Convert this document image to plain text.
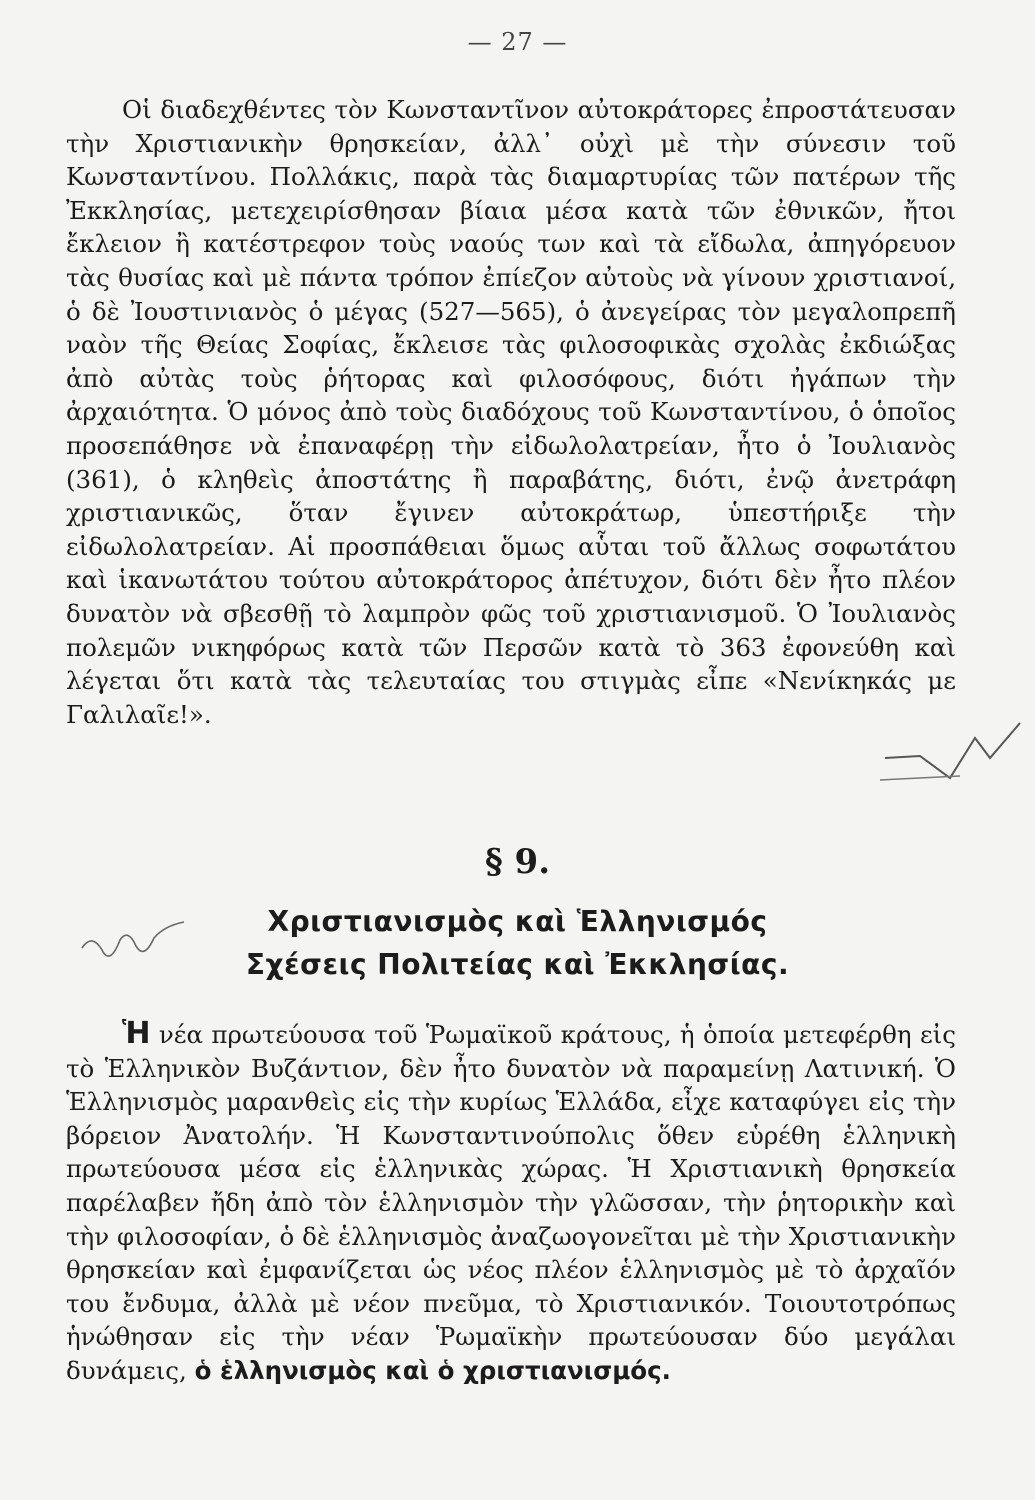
— 27 —

Οἱ διαδεχθέντες τὸν Κωνσταντῖνον αὐτοκράτορες ἐπροστάτευσαν τὴν Χριστιανικὴν θρησκείαν, ἀλλ᾽ οὐχὶ μὲ τὴν σύνεσιν τοῦ Κωνσταντίνου. Πολλάκις, παρὰ τὰς διαμαρτυρίας τῶν πατέρων τῆς Ἐκκλησίας, μετεχειρίσθησαν βίαια μέσα κατὰ τῶν ἐθνικῶν, ἤτοι ἔκλειον ἢ κατέστρεφον τοὺς ναούς των καὶ τὰ εἴδωλα, ἀπηγόρευον τὰς θυσίας καὶ μὲ πάντα τρόπον ἐπίεζον αὐτοὺς νὰ γίνουν χριστιανοί, ὁ δὲ Ἰουστινιανὸς ὁ μέγας (527—565), ὁ ἀνεγείρας τὸν μεγαλοπρεπῆ ναὸν τῆς Θείας Σοφίας, ἔκλεισε τὰς φιλοσοφικὰς σχολὰς ἐκδιώξας ἀπὸ αὐτὰς τοὺς ῥήτορας καὶ φιλοσόφους, διότι ἠγάπων τὴν ἀρχαιότητα. Ὁ μόνος ἀπὸ τοὺς διαδόχους τοῦ Κωνσταντίνου, ὁ ὁποῖος προσεπάθησε νὰ ἐπαναφέρῃ τὴν εἰδωλολατρείαν, ἦτο ὁ Ἰουλιανὸς (361), ὁ κληθεὶς ἀποστάτης ἢ παραβάτης, διότι, ἐνῷ ἀνετράφη χριστιανικῶς, ὅταν ἔγινεν αὐτοκράτωρ, ὑπεστήριξε τὴν εἰδωλολατρείαν. Αἱ προσπάθειαι ὅμως αὗται τοῦ ἄλλως σοφωτάτου καὶ ἱκανωτάτου τούτου αὐτοκράτορος ἀπέτυχον, διότι δὲν ἦτο πλέον δυνατὸν νὰ σβεσθῇ τὸ λαμπρὸν φῶς τοῦ χριστιανισμοῦ. Ὁ Ἰουλιανὸς πολεμῶν νικηφόρως κατὰ τῶν Περσῶν κατὰ τὸ 363 ἐφονεύθη καὶ λέγεται ὅτι κατὰ τὰς τελευταίας του στιγμὰς εἶπε «Νενίκηκάς με Γαλιλαῖε!».

§ 9.
Χριστιανισμὸς καὶ Ἑλληνισμός
Σχέσεις Πολιτείας καὶ Ἐκκλησίας.

Ἡ νέα πρωτεύουσα τοῦ Ῥωμαϊκοῦ κράτους, ἡ ὁποία μετεφέρθη εἰς τὸ Ἑλληνικὸν Βυζάντιον, δὲν ἦτο δυνατὸν νὰ παραμείνῃ Λατινική. Ὁ Ἑλληνισμὸς μαρανθεὶς εἰς τὴν κυρίως Ἑλλάδα, εἶχε καταφύγει εἰς τὴν βόρειον Ἀνατολήν. Ἡ Κωνσταντινούπολις ὅθεν εὑρέθη ἑλληνικὴ πρωτεύουσα μέσα εἰς ἑλληνικὰς χώρας. Ἡ Χριστιανικὴ θρησκεία παρέλαβεν ἤδη ἀπὸ τὸν ἑλληνισμὸν τὴν γλῶσσαν, τὴν ῥητορικὴν καὶ τὴν φιλοσοφίαν, ὁ δὲ ἑλληνισμὸς ἀναζωογονεῖται μὲ τὴν Χριστιανικὴν θρησκείαν καὶ ἐμφανίζεται ὡς νέος πλέον ἑλληνισμὸς μὲ τὸ ἀρχαῖόν του ἔνδυμα, ἀλλὰ μὲ νέον πνεῦμα, τὸ Χριστιανικόν. Τοιουτοτρόπως ἡνώθησαν εἰς τὴν νέαν Ῥωμαϊκὴν πρωτεύουσαν δύο μεγάλαι δυνάμεις, ὁ ἑλληνισμὸς καὶ ὁ χριστιανισμός.
